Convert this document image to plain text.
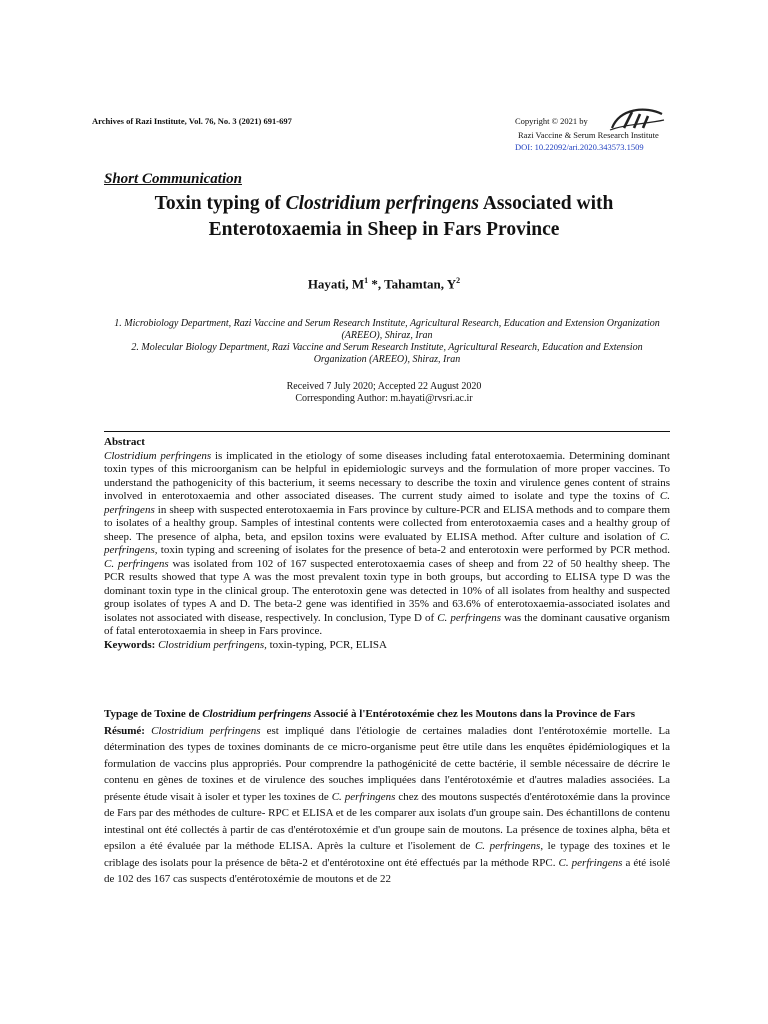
Archives of Razi Institute, Vol. 76, No. 3 (2021) 691-697	Copyright © 2021 by
Razi Vaccine & Serum Research Institute
DOI: 10.22092/ari.2020.343573.1509
Short Communication
Toxin typing of Clostridium perfringens Associated with
Enterotoxaemia in Sheep in Fars Province
Hayati, $M^1$ *, Tahamtan, $Y^2$
1. Microbiology Department, Razi Vaccine and Serum Research Institute, Agricultural Research, Education and Extension Organization (AREEO), Shiraz, Iran
2. Molecular Biology Department, Razi Vaccine and Serum Research Institute, Agricultural Research, Education and Extension Organization (AREEO), Shiraz, Iran
Received 7 July 2020; Accepted 22 August 2020
Corresponding Author: m.hayati@rvsri.ac.ir
Abstract
Clostridium perfringens is implicated in the etiology of some diseases including fatal enterotoxaemia. Determining dominant toxin types of this microorganism can be helpful in epidemiologic surveys and the formulation of more proper vaccines. To understand the pathogenicity of this bacterium, it seems necessary to describe the toxin and virulence genes content of strains involved in enterotoxaemia and other associated diseases. The current study aimed to isolate and type the toxins of C. perfringens in sheep with suspected enterotoxaemia in Fars province by culture-PCR and ELISA methods and to compare them to isolates of a healthy group. Samples of intestinal contents were collected from enterotoxaemia cases and a healthy group of sheep. The presence of alpha, beta, and epsilon toxins were evaluated by ELISA method. After culture and isolation of C. perfringens, toxin typing and screening of isolates for the presence of beta-2 and enterotoxin were performed by PCR method. C. perfringens was isolated from 102 of 167 suspected enterotoxaemia cases of sheep and from 22 of 50 healthy sheep. The PCR results showed that type A was the most prevalent toxin type in both groups, but according to ELISA type D was the dominant toxin type in the clinical group. The enterotoxin gene was detected in 10% of all isolates from healthy and suspected group isolates of types A and D. The beta-2 gene was identified in 35% and 63.6% of enterotoxaemia-associated isolates and isolates not associated with disease, respectively. In conclusion, Type D of C. perfringens was the dominant causative organism of fatal enterotoxaemia in sheep in Fars province.
Keywords: Clostridium perfringens, toxin-typing, PCR, ELISA
Typage de Toxine de Clostridium perfringens Associé à l'Entérotoxémie chez les Moutons dans la Province de Fars
Résumé: Clostridium perfringens est impliqué dans l'étiologie de certaines maladies dont l'entérotoxémie mortelle. La détermination des types de toxines dominants de ce micro-organisme peut être utile dans les enquêtes épidémiologiques et la formulation de vaccins plus appropriés. Pour comprendre la pathogénicité de cette bactérie, il semble nécessaire de décrire le contenu en gènes de toxines et de virulence des souches impliquées dans l'entérotoxémie et d'autres maladies associées. La présente étude visait à isoler et typer les toxines de C. perfringens chez des moutons suspectés d'entérotoxémie dans la province de Fars par des méthodes de culture- RPC et ELISA et de les comparer aux isolats d'un groupe sain. Des échantillons de contenu intestinal ont été collectés à partir de cas d'entérotoxémie et d'un groupe sain de moutons. La présence de toxines alpha, bêta et epsilon a été évaluée par la méthode ELISA. Après la culture et l'isolement de C. perfringens, le typage des toxines et le criblage des isolats pour la présence de bêta-2 et d'entérotoxine ont été effectués par la méthode RPC. C. perfringens a été isolé de 102 des 167 cas suspects d'entérotoxémie de moutons et de 22
